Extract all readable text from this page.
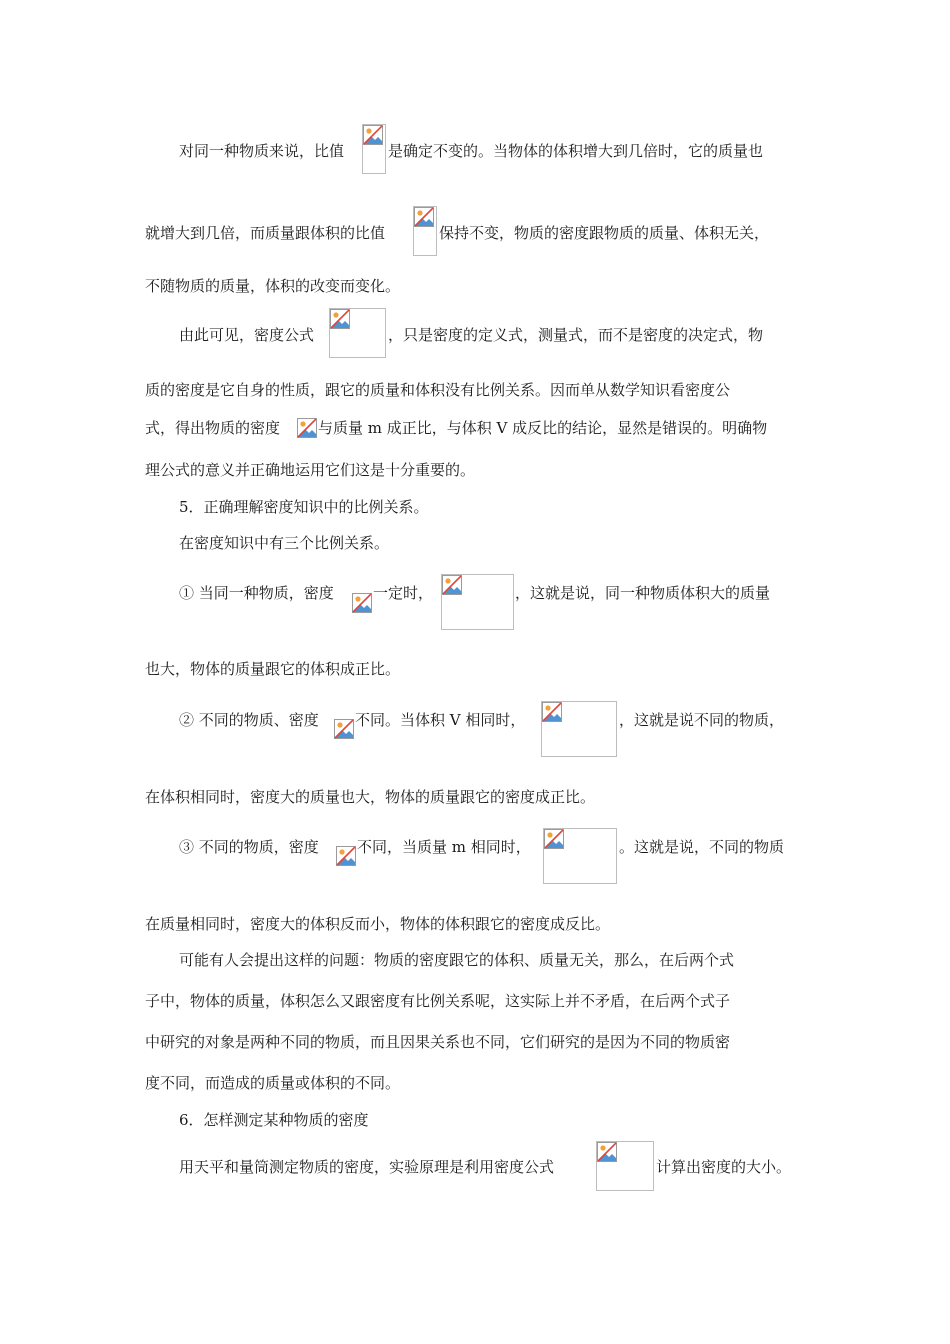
对同一种物质来说，比值	是确定不变的。当物体的体积增大到几倍时，它的质量也
就增大到几倍，而质量跟体积的比值	保持不变，物质的密度跟物质的质量、体积无关，
不随物质的质量，体积的改变而变化。
由此可见，密度公式	，只是密度的定义式，测量式，而不是密度的决定式，物
质的密度是它自身的性质，跟它的质量和体积没有比例关系。因而单从数学知识看密度公
式，得出物质的密度	与质量 m 成正比，与体积 V 成反比的结论，显然是错误的。明确物
理公式的意义并正确地运用它们这是十分重要的。
5．正确理解密度知识中的比例关系。
在密度知识中有三个比例关系。
① 当同一种物质，密度	一定时，	，这就是说，同一种物质体积大的质量
也大，物体的质量跟它的体积成正比。
② 不同的物质、密度 不同。当体积 V 相同时，	，这就是说不同的物质，
在体积相同时，密度大的质量也大，物体的质量跟它的密度成正比。
③ 不同的物质，密度	不同，当质量 m 相同时，	。这就是说，不同的物质
在质量相同时，密度大的体积反而小，物体的体积跟它的密度成反比。
可能有人会提出这样的问题：物质的密度跟它的体积、质量无关，那么，在后两个式
子中，物体的质量，体积怎么又跟密度有比例关系呢，这实际上并不矛盾，在后两个式子
中研究的对象是两种不同的物质，而且因果关系也不同，它们研究的是因为不同的物质密
度不同，而造成的质量或体积的不同。
6．怎样测定某种物质的密度
用天平和量筒测定物质的密度，实验原理是利用密度公式	计算出密度的大小。
